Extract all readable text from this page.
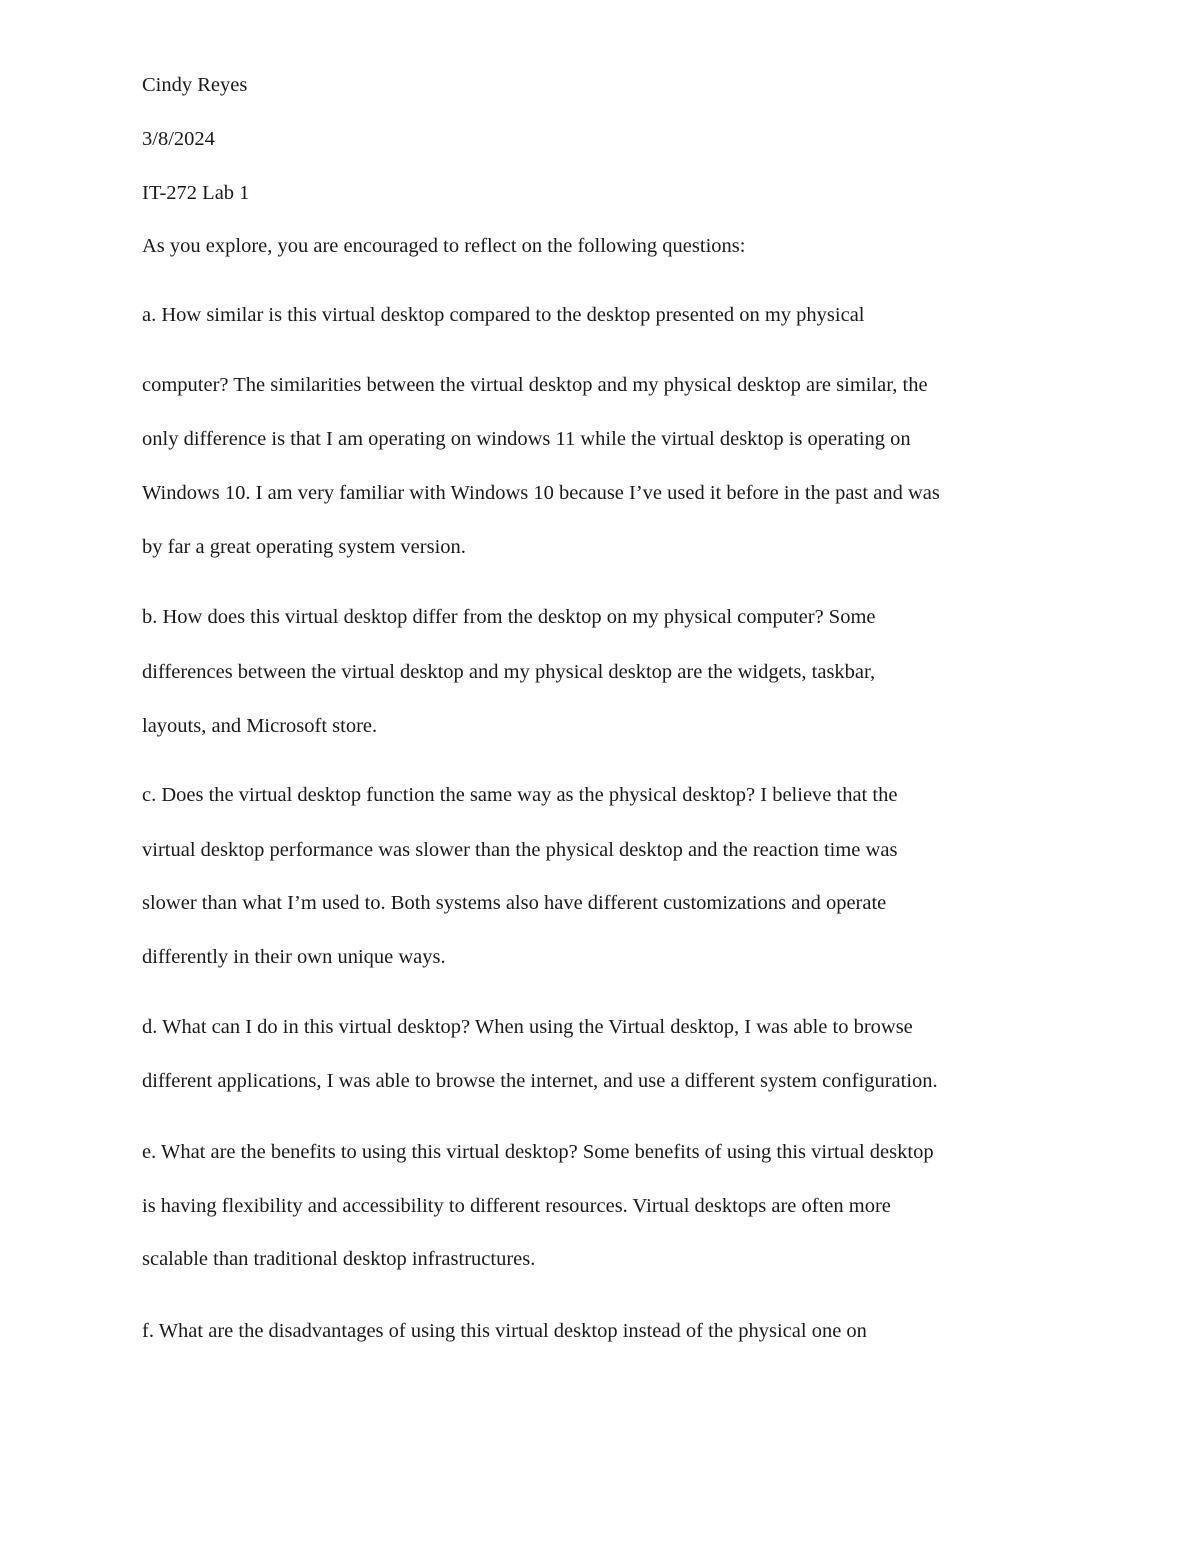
Cindy Reyes

3/8/2024

IT-272 Lab 1

As you explore, you are encouraged to reflect on the following questions:

a. How similar is this virtual desktop compared to the desktop presented on my physical

computer? The similarities between the virtual desktop and my physical desktop are similar, the

only difference is that I am operating on windows 11 while the virtual desktop is operating on

Windows 10. I am very familiar with Windows 10 because I’ve used it before in the past and was

by far a great operating system version.

b. How does this virtual desktop differ from the desktop on my physical computer? Some

differences between the virtual desktop and my physical desktop are the widgets, taskbar,

layouts, and Microsoft store.

c. Does the virtual desktop function the same way as the physical desktop? I believe that the

virtual desktop performance was slower than the physical desktop and the reaction time was

slower than what I’m used to. Both systems also have different customizations and operate

differently in their own unique ways.

d. What can I do in this virtual desktop? When using the Virtual desktop, I was able to browse

different applications, I was able to browse the internet, and use a different system configuration.

e. What are the benefits to using this virtual desktop? Some benefits of using this virtual desktop

is having flexibility and accessibility to different resources. Virtual desktops are often more

scalable than traditional desktop infrastructures.

f. What are the disadvantages of using this virtual desktop instead of the physical one on
